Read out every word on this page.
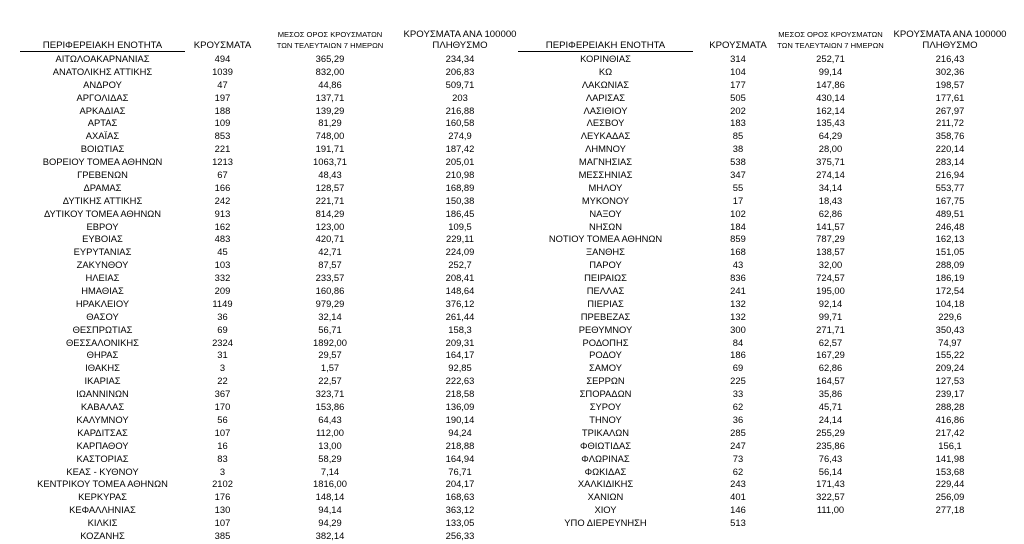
ΠΕΡΙΦΕΡΕΙΑΚΗ ΕΝΟΤΗΤΑ	ΚΡΟΥΣΜΑΤΑ
ΜΕΣΟΣ ΟΡΟΣ ΚΡΟΥΣΜΑΤΩΝ
ΤΩΝ ΤΕΛΕΥΤΑΙΩΝ 7 ΗΜΕΡΩΝ
ΚΡΟΥΣΜΑΤΑ ΑΝΑ 100000
ΠΛΗΘΥΣΜΟ
ΑΙΤΩΛΟΑΚΑΡΝΑΝΙΑΣ	494	365,29	234,34
ΑΝΑΤΟΛΙΚΗΣ ΑΤΤΙΚΗΣ	1039	832,00	206,83
ΑΝΔΡΟΥ	47	44,86	509,71
ΑΡΓΟΛΙΔΑΣ	197	137,71	203
ΑΡΚΑΔΙΑΣ	188	139,29	216,88
ΑΡΤΑΣ	109	81,29	160,58
ΑΧΑΪΑΣ	853	748,00	274,9
ΒΟΙΩΤΙΑΣ	221	191,71	187,42
ΒΟΡΕΙΟΥ ΤΟΜΕΑ ΑΘΗΝΩΝ	1213	1063,71	205,01
ΓΡΕΒΕΝΩΝ	67	48,43	210,98
ΔΡΑΜΑΣ	166	128,57	168,89
ΔΥΤΙΚΗΣ ΑΤΤΙΚΗΣ	242	221,71	150,38
ΔΥΤΙΚΟΥ ΤΟΜΕΑ ΑΘΗΝΩΝ	913	814,29	186,45
ΕΒΡΟΥ	162	123,00	109,5
ΕΥΒΟΙΑΣ	483	420,71	229,11
ΕΥΡΥΤΑΝΙΑΣ	45	42,71	224,09
ΖΑΚΥΝΘΟΥ	103	87,57	252,7
ΗΛΕΙΑΣ	332	233,57	208,41
ΗΜΑΘΙΑΣ	209	160,86	148,64
ΗΡΑΚΛΕΙΟΥ	1149	979,29	376,12
ΘΑΣΟΥ	36	32,14	261,44
ΘΕΣΠΡΩΤΙΑΣ	69	56,71	158,3
ΘΕΣΣΑΛΟΝΙΚΗΣ	2324	1892,00	209,31
ΘΗΡΑΣ	31	29,57	164,17
ΙΘΑΚΗΣ	3	1,57	92,85
ΙΚΑΡΙΑΣ	22	22,57	222,63
ΙΩΑΝΝΙΝΩΝ	367	323,71	218,58
ΚΑΒΑΛΑΣ	170	153,86	136,09
ΚΑΛΥΜΝΟΥ	56	64,43	190,14
ΚΑΡΔΙΤΣΑΣ	107	112,00	94,24
ΚΑΡΠΑΘΟΥ	16	13,00	218,88
ΚΑΣΤΟΡΙΑΣ	83	58,29	164,94
ΚΕΑΣ - ΚΥΘΝΟΥ	3	7,14	76,71
ΚΕΝΤΡΙΚΟΥ ΤΟΜΕΑ ΑΘΗΝΩΝ	2102	1816,00	204,17
ΚΕΡΚΥΡΑΣ	176	148,14	168,63
ΚΕΦΑΛΛΗΝΙΑΣ	130	94,14	363,12
ΚΙΛΚΙΣ	107	94,29	133,05
ΚΟΖΑΝΗΣ	385	382,14	256,33
ΠΕΡΙΦΕΡΕΙΑΚΗ ΕΝΟΤΗΤΑ	ΚΡΟΥΣΜΑΤΑ
ΜΕΣΟΣ ΟΡΟΣ ΚΡΟΥΣΜΑΤΩΝ
ΤΩΝ ΤΕΛΕΥΤΑΙΩΝ 7 ΗΜΕΡΩΝ
ΚΡΟΥΣΜΑΤΑ ΑΝΑ 100000
ΠΛΗΘΥΣΜΟ
ΚΟΡΙΝΘΙΑΣ	314	252,71	216,43
ΚΩ	104	99,14	302,36
ΛΑΚΩΝΙΑΣ	177	147,86	198,57
ΛΑΡΙΣΑΣ	505	430,14	177,61
ΛΑΣΙΘΙΟΥ	202	162,14	267,97
ΛΕΣΒΟΥ	183	135,43	211,72
ΛΕΥΚΑΔΑΣ	85	64,29	358,76
ΛΗΜΝΟΥ	38	28,00	220,14
ΜΑΓΝΗΣΙΑΣ	538	375,71	283,14
ΜΕΣΣΗΝΙΑΣ	347	274,14	216,94
ΜΗΛΟΥ	55	34,14	553,77
ΜΥΚΟΝΟΥ	17	18,43	167,75
ΝΑΞΟΥ	102	62,86	489,51
ΝΗΣΩΝ	184	141,57	246,48
ΝΟΤΙΟΥ ΤΟΜΕΑ ΑΘΗΝΩΝ	859	787,29	162,13
ΞΑΝΘΗΣ	168	138,57	151,05
ΠΑΡΟΥ	43	32,00	288,09
ΠΕΙΡΑΙΩΣ	836	724,57	186,19
ΠΕΛΛΑΣ	241	195,00	172,54
ΠΙΕΡΙΑΣ	132	92,14	104,18
ΠΡΕΒΕΖΑΣ	132	99,71	229,6
ΡΕΘΥΜΝΟΥ	300	271,71	350,43
ΡΟΔΟΠΗΣ	84	62,57	74,97
ΡΟΔΟΥ	186	167,29	155,22
ΣΑΜΟΥ	69	62,86	209,24
ΣΕΡΡΩΝ	225	164,57	127,53
ΣΠΟΡΑΔΩΝ	33	35,86	239,17
ΣΥΡΟΥ	62	45,71	288,28
ΤΗΝΟΥ	36	24,14	416,86
ΤΡΙΚΑΛΩΝ	285	255,29	217,42
ΦΘΙΩΤΙΔΑΣ	247	235,86	156,1
ΦΛΩΡΙΝΑΣ	73	76,43	141,98
ΦΩΚΙΔΑΣ	62	56,14	153,68
ΧΑΛΚΙΔΙΚΗΣ	243	171,43	229,44
ΧΑΝΙΩΝ	401	322,57	256,09
ΧΙΟΥ	146	111,00	277,18
ΥΠΟ ΔΙΕΡΕΥΝΗΣΗ	513
